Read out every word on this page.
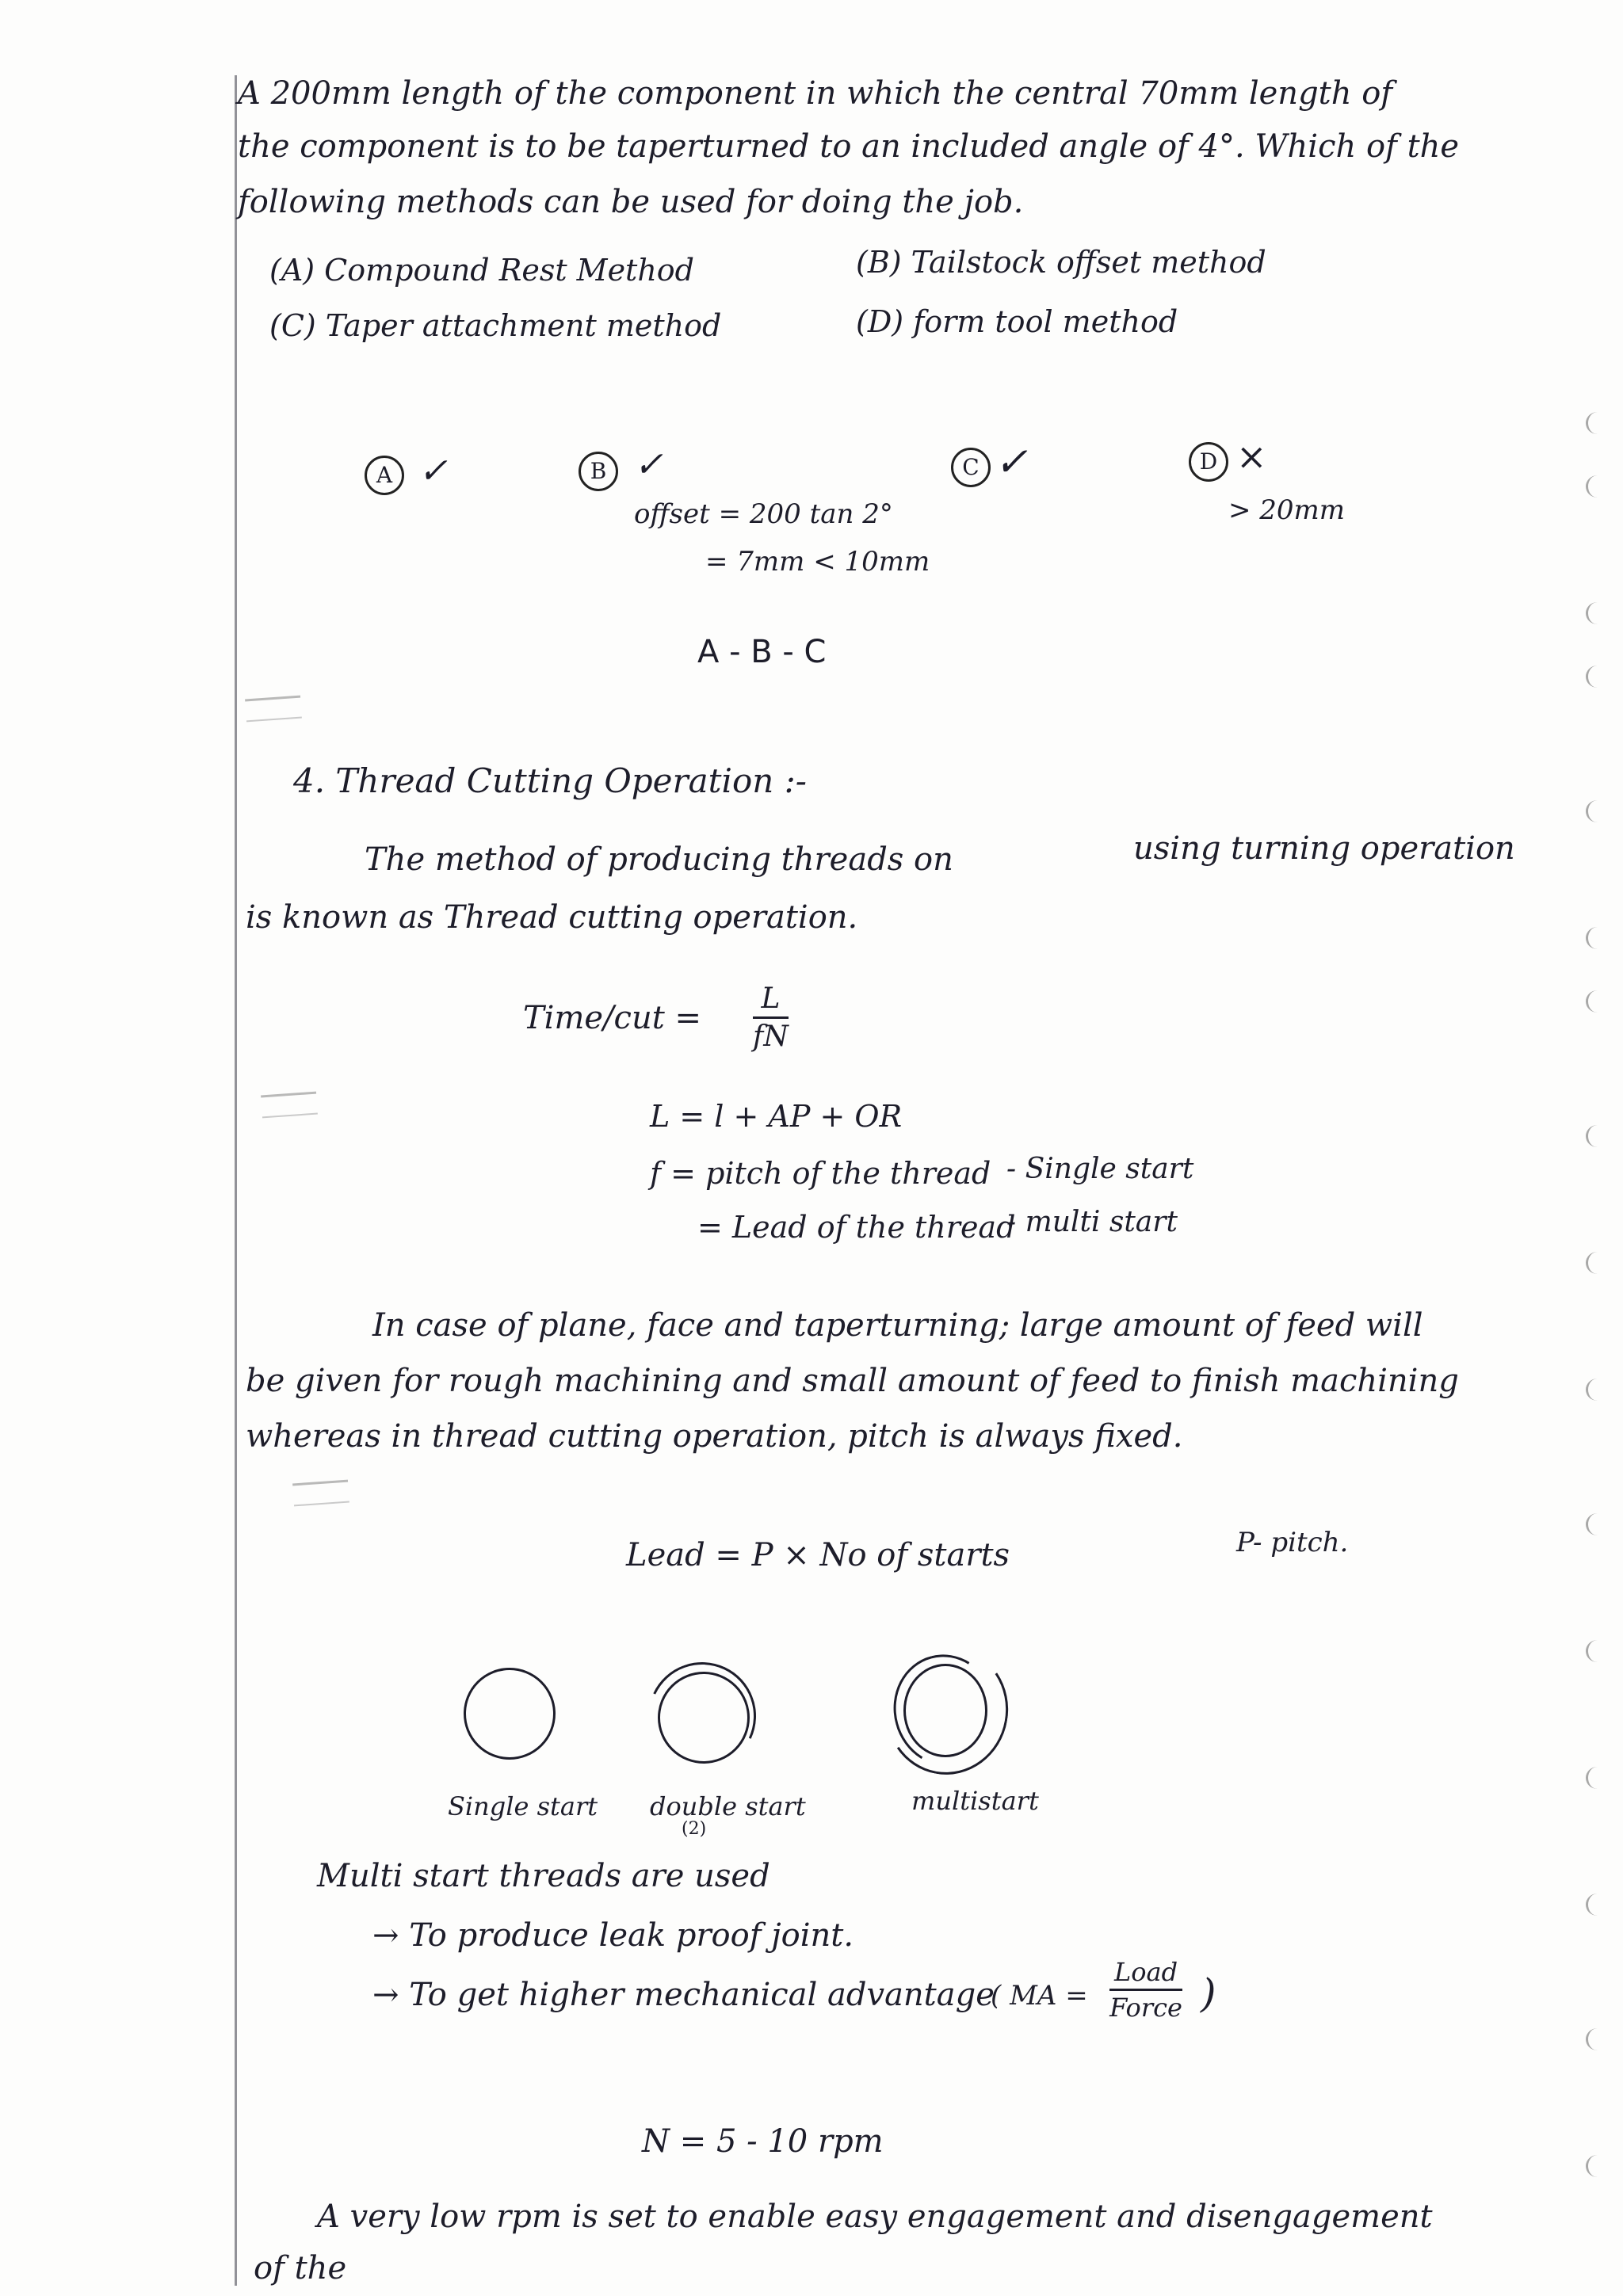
A 200mm length of the component in which the central 70mm length of
the component is to be taperturned to an included angle of 4°. Which of the
following methods can be used for doing the job.
(A) Compound Rest Method	(B) Tailstock offset method
(C) Taper attachment method	(D) form tool method
A ✓	B ✓	C ✓	D ×
offset = 200 tan 2°	> 20mm
= 7mm < 10mm
A - B - C
4. Thread Cutting Operation :-
The method of producing threads on	using turning operation
is known as Thread cutting operation.
Time/cut = $\frac{L}{fN}$
L = l + AP + OR
f = pitch of the thread - Single start
= Lead of the thread
- multi start
In case of plane, face and taperturning; large amount of feed will
be given for rough machining and small amount of feed to finish machining
whereas in thread cutting operation, pitch is always fixed.
Lead = P × No of starts	P- pitch.
Single start double start
(2)
multistart
Multi start threads are used
→ To produce leak proof joint.
→ To get higher mechanical advantage
( MA =
Load
Force )
N = 5 - 10 rpm
A very low rpm is set to enable easy engagement and disengagement
of the
